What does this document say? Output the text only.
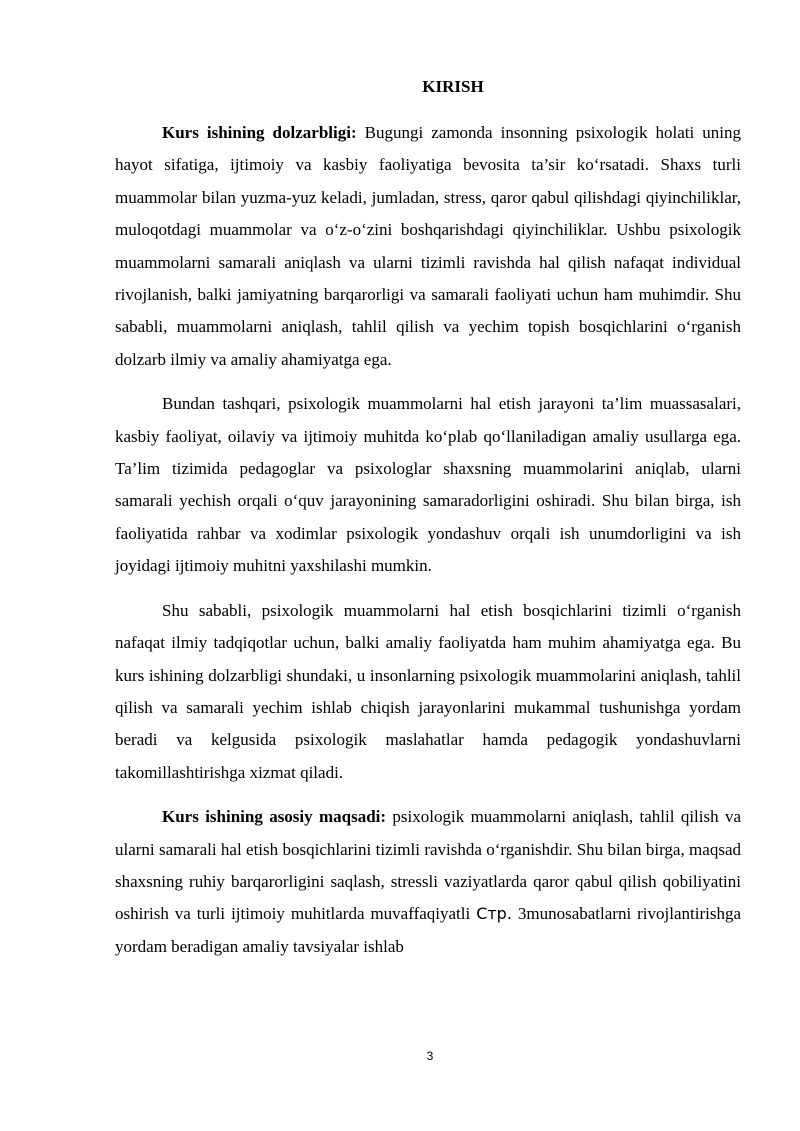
KIRISH

Kurs ishining dolzarbligi: Bugungi zamonda insonning psixologik holati uning hayot sifatiga, ijtimoiy va kasbiy faoliyatiga bevosita ta’sir ko‘rsatadi. Shaxs turli muammolar bilan yuzma-yuz keladi, jumladan, stress, qaror qabul qilishdagi qiyinchiliklar, muloqotdagi muammolar va o‘z-o‘zini boshqarishdagi qiyinchiliklar. Ushbu psixologik muammolarni samarali aniqlash va ularni tizimli ravishda hal qilish nafaqat individual rivojlanish, balki jamiyatning barqarorligi va samarali faoliyati uchun ham muhimdir. Shu sababli, muammolarni aniqlash, tahlil qilish va yechim topish bosqichlarini o‘rganish dolzarb ilmiy va amaliy ahamiyatga ega.

Bundan tashqari, psixologik muammolarni hal etish jarayoni ta’lim muassasalari, kasbiy faoliyat, oilaviy va ijtimoiy muhitda ko‘plab qo‘llaniladigan amaliy usullarga ega. Ta’lim tizimida pedagoglar va psixologlar shaxsning muammolarini aniqlab, ularni samarali yechish orqali o‘quv jarayonining samaradorligini oshiradi. Shu bilan birga, ish faoliyatida rahbar va xodimlar psixologik yondashuv orqali ish unumdorligini va ish joyidagi ijtimoiy muhitni yaxshilashi mumkin.

Shu sababli, psixologik muammolarni hal etish bosqichlarini tizimli o‘rganish nafaqat ilmiy tadqiqotlar uchun, balki amaliy faoliyatda ham muhim ahamiyatga ega. Bu kurs ishining dolzarbligi shundaki, u insonlarning psixologik muammolarini aniqlash, tahlil qilish va samarali yechim ishlab chiqish jarayonlarini mukammal tushunishga yordam beradi va kelgusida psixologik maslahatlar hamda pedagogik yondashuvlarni takomillashtirishga xizmat qiladi.

Kurs ishining asosiy maqsadi: psixologik muammolarni aniqlash, tahlil qilish va ularni samarali hal etish bosqichlarini tizimli ravishda o‘rganishdir. Shu bilan birga, maqsad shaxsning ruhiy barqarorligini saqlash, stressli vaziyatlarda qaror qabul qilish qobiliyatini oshirish va turli ijtimoiy muhitlarda muvaffaqiyatli Стр. 3munosabatlarni rivojlantirishga yordam beradigan amaliy tavsiyalar ishlab

3
